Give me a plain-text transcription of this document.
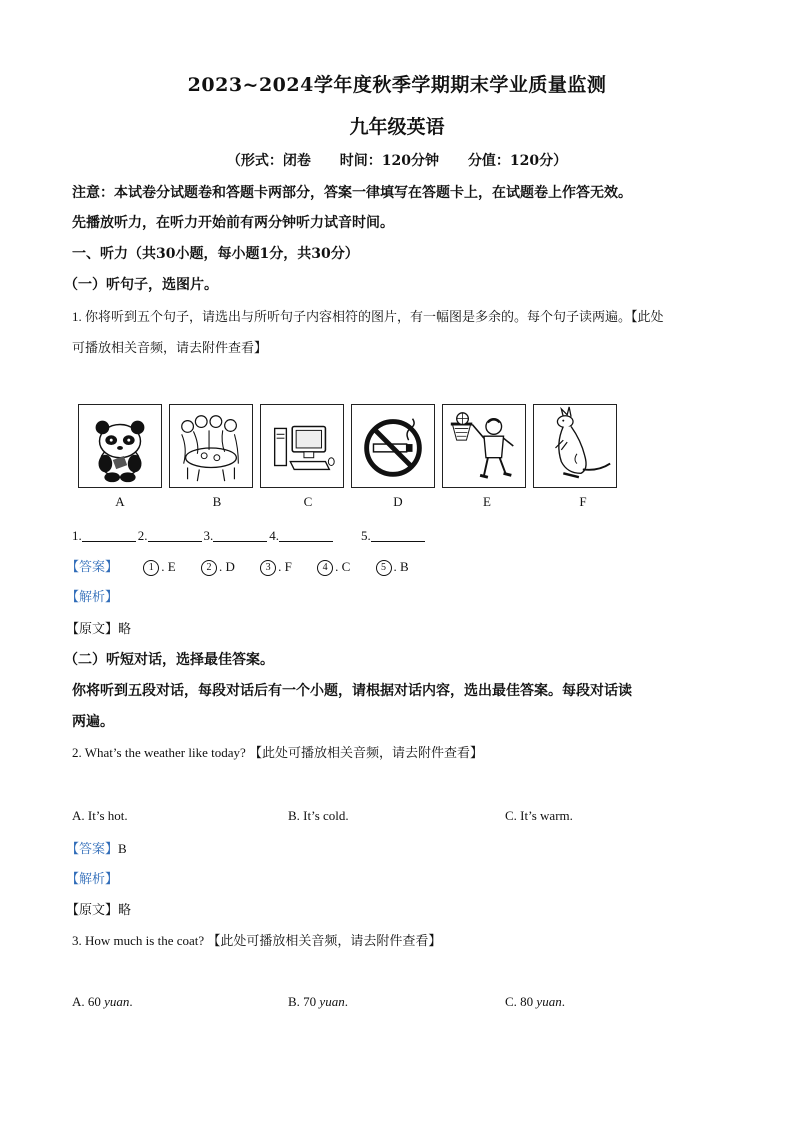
2023~2024学年度秋季学期期末学业质量监测
九年级英语
（形式：闭卷 时间：120分钟 分值：120分）
注意：本试卷分试题卷和答题卡两部分，答案一律填写在答题卡上，在试题卷上作答无效。
先播放听力，在听力开始前有两分钟听力试音时间。
一、听力（共30小题，每小题1分，共30分）
（一）听句子，选图片。
1. 你将听到五个句子，请选出与所听句子内容相符的图片，有一幅图是多余的。每个句子读两遍。【此处
可播放相关音频，请去附件查看】
A	B	C	D	E	F
1.	2.	3.	4.	5.
【答案】	1 . E	2 . D	3 . F	4 . C	5 . B
【解析】
【原文】略
（二）听短对话，选择最佳答案。
你将听到五段对话，每段对话后有一个小题，请根据对话内容，选出最佳答案。每段对话读
两遍。
2. What’s the weather like today? 【此处可播放相关音频，请去附件查看】
A. It’s hot.	B. It’s cold.	C. It’s warm.
【答案】B
【解析】
【原文】略
3. How much is the coat? 【此处可播放相关音频，请去附件查看】
A. 60 yuan.	B. 70 yuan.	C. 80 yuan.
